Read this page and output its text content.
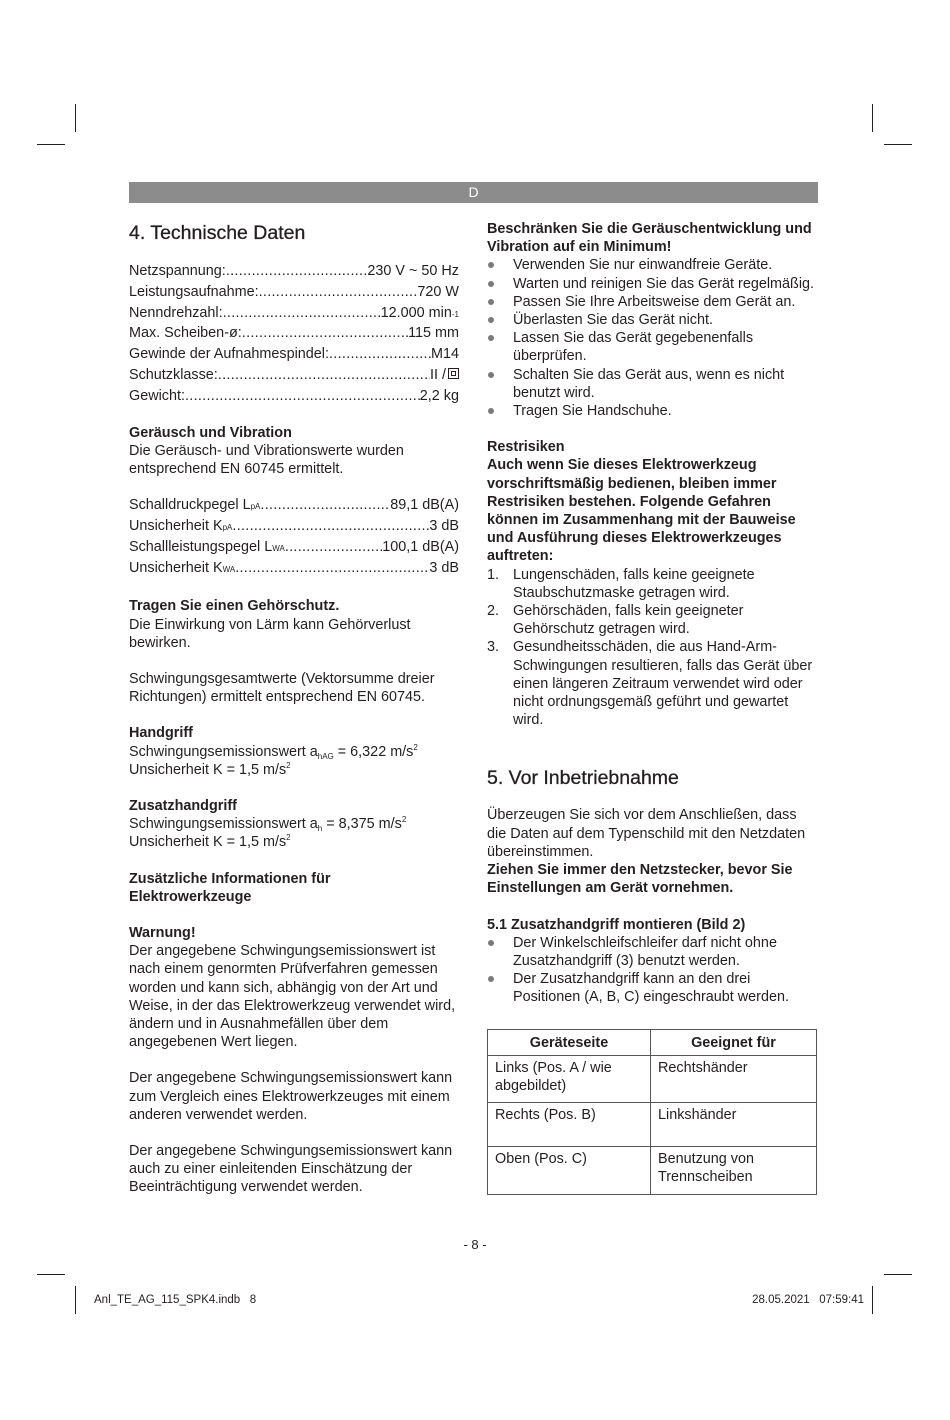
D
4. Technische Daten
Netzspannung: .....	230 V ~ 50 Hz
Leistungsaufnahme: .....	720 W
Nenndrehzahl: .....	12.000 min -1
Max. Scheiben-ø: .....	115 mm
Gewinde der Aufnahmespindel: .....	M14
Schutzklasse: .....	II /
Gewicht: .....	2,2 kg

Geräusch und Vibration

Die Geräusch- und Vibrationswerte wurden entsprechend EN 60745 ermittelt.

Schalldruckpegel L pA .....	89,1 dB(A)
Unsicherheit K pA .....	3 dB
Schallleistungspegel L WA .....	100,1 dB(A)
Unsicherheit K WA .....	3 dB

Tragen Sie einen Gehörschutz.

Die Einwirkung von Lärm kann Gehörverlust bewirken.

Schwingungsgesamtwerte (Vektorsumme dreier Richtungen) ermittelt entsprechend EN 60745.

Handgriff

Schwingungsemissionswert $a_{hAG} = 6,322$ $m/s^2$

Unsicherheit K = 1,5 $m/s^2$

Zusatzhandgriff

Schwingungsemissionswert $a_h = 8,375$ $m/s^2$

Unsicherheit K = 1,5 $m/s^2$

Zusätzliche Informationen für Elektrowerkzeuge

Warnung!

Der angegebene Schwingungsemissionswert ist nach einem genormten Prüfverfahren gemessen worden und kann sich, abhängig von der Art und Weise, in der das Elektrowerkzeug verwendet wird, ändern und in Ausnahmefällen über dem angegebenen Wert liegen.

Der angegebene Schwingungsemissionswert kann zum Vergleich eines Elektrowerkzeuges mit einem anderen verwendet werden.

Der angegebene Schwingungsemissionswert kann auch zu einer einleitenden Einschätzung der Beeinträchtigung verwendet werden.

Beschränken Sie die Geräuschentwicklung und Vibration auf ein Minimum!

Verwenden Sie nur einwandfreie Geräte.
Warten und reinigen Sie das Gerät regelmäßig.
Passen Sie Ihre Arbeitsweise dem Gerät an.
Überlasten Sie das Gerät nicht.
Lassen Sie das Gerät gegebenenfalls überprüfen.
Schalten Sie das Gerät aus, wenn es nicht benutzt wird.
Tragen Sie Handschuhe.

Restrisiken

Auch wenn Sie dieses Elektrowerkzeug vorschriftsmäßig bedienen, bleiben immer Restrisiken bestehen. Folgende Gefahren können im Zusammenhang mit der Bauweise und Ausführung dieses Elektrowerkzeuges auftreten:

1. Lungenschäden, falls keine geeignete Staubschutzmaske getragen wird.
2. Gehörschäden, falls kein geeigneter Gehörschutz getragen wird.
3. Gesundheitsschäden, die aus Hand-Arm-Schwingungen resultieren, falls das Gerät über einen längeren Zeitraum verwendet wird oder nicht ordnungsgemäß geführt und gewartet wird.
5. Vor Inbetriebnahme

Überzeugen Sie sich vor dem Anschließen, dass die Daten auf dem Typenschild mit den Netzdaten übereinstimmen.

Ziehen Sie immer den Netzstecker, bevor Sie Einstellungen am Gerät vornehmen.

5.1 Zusatzhandgriff montieren (Bild 2)

Der Winkelschleifschleifer darf nicht ohne Zusatzhandgriff (3) benutzt werden.
Der Zusatzhandgriff kann an den drei Positionen (A, B, C) eingeschraubt werden.
Geräteseite	Geeignet für
Links (Pos. A / wie abgebildet)	Rechtshänder
Rechts (Pos. B)	Linkshänder
Oben (Pos. C)	Benutzung von Trennscheiben
- 8 -
Anl_TE_AG_115_SPK4.indb   8	28.05.2021   07:59:41
